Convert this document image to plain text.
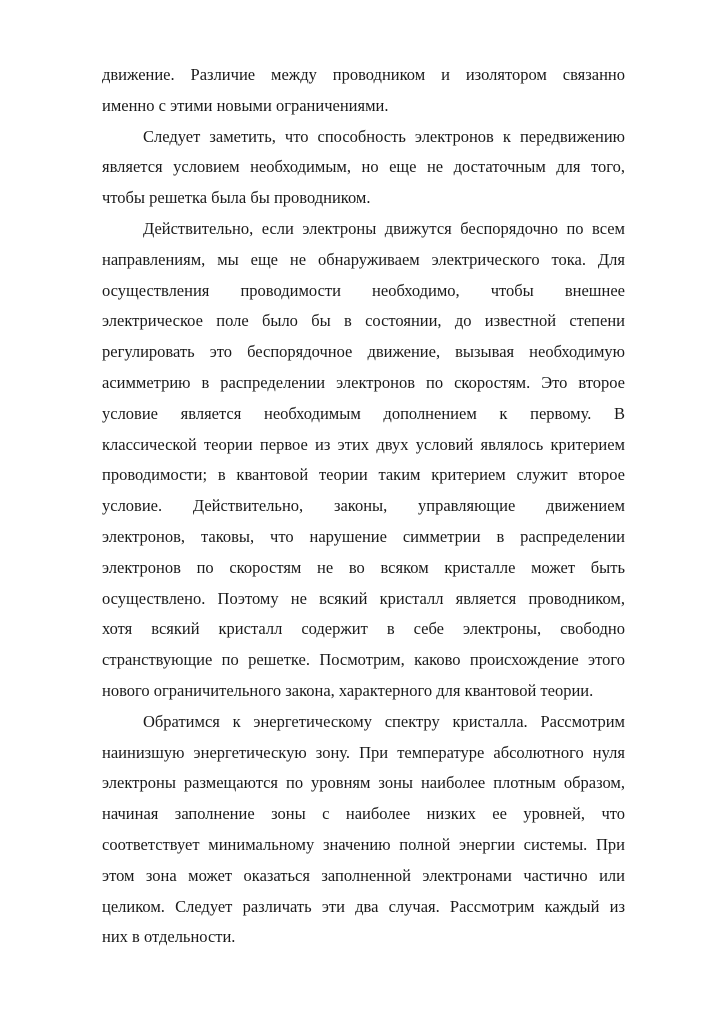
движение. Различие между проводником и изолятором связанно
именно с этими новыми ограничениями.
Следует заметить, что способность электронов к передвижению
является условием необходимым, но еще не достаточным для того,
чтобы решетка была бы проводником.
Действительно, если электроны движутся беспорядочно по всем
направлениям, мы еще не обнаруживаем электрического тока. Для
осуществления проводимости необходимо, чтобы внешнее
электрическое поле было бы в состоянии, до известной степени
регулировать это беспорядочное движение, вызывая необходимую
асимметрию в распределении электронов по скоростям. Это второе
условие является необходимым дополнением к первому. В
классической теории первое из этих двух условий являлось критерием
проводимости; в квантовой теории таким критерием служит второе
условие. Действительно, законы, управляющие движением
электронов, таковы, что нарушение симметрии в распределении
электронов по скоростям не во всяком кристалле может быть
осуществлено. Поэтому не всякий кристалл является проводником,
хотя всякий кристалл содержит в себе электроны, свободно
странствующие по решетке. Посмотрим, каково происхождение этого
нового ограничительного закона, характерного для квантовой теории.
Обратимся к энергетическому спектру кристалла. Рассмотрим
наинизшую энергетическую зону. При температуре абсолютного нуля
электроны размещаются по уровням зоны наиболее плотным образом,
начиная заполнение зоны с наиболее низких ее уровней, что
соответствует минимальному значению полной энергии системы. При
этом зона может оказаться заполненной электронами частично или
целиком. Следует различать эти два случая. Рассмотрим каждый из
них в отдельности.
